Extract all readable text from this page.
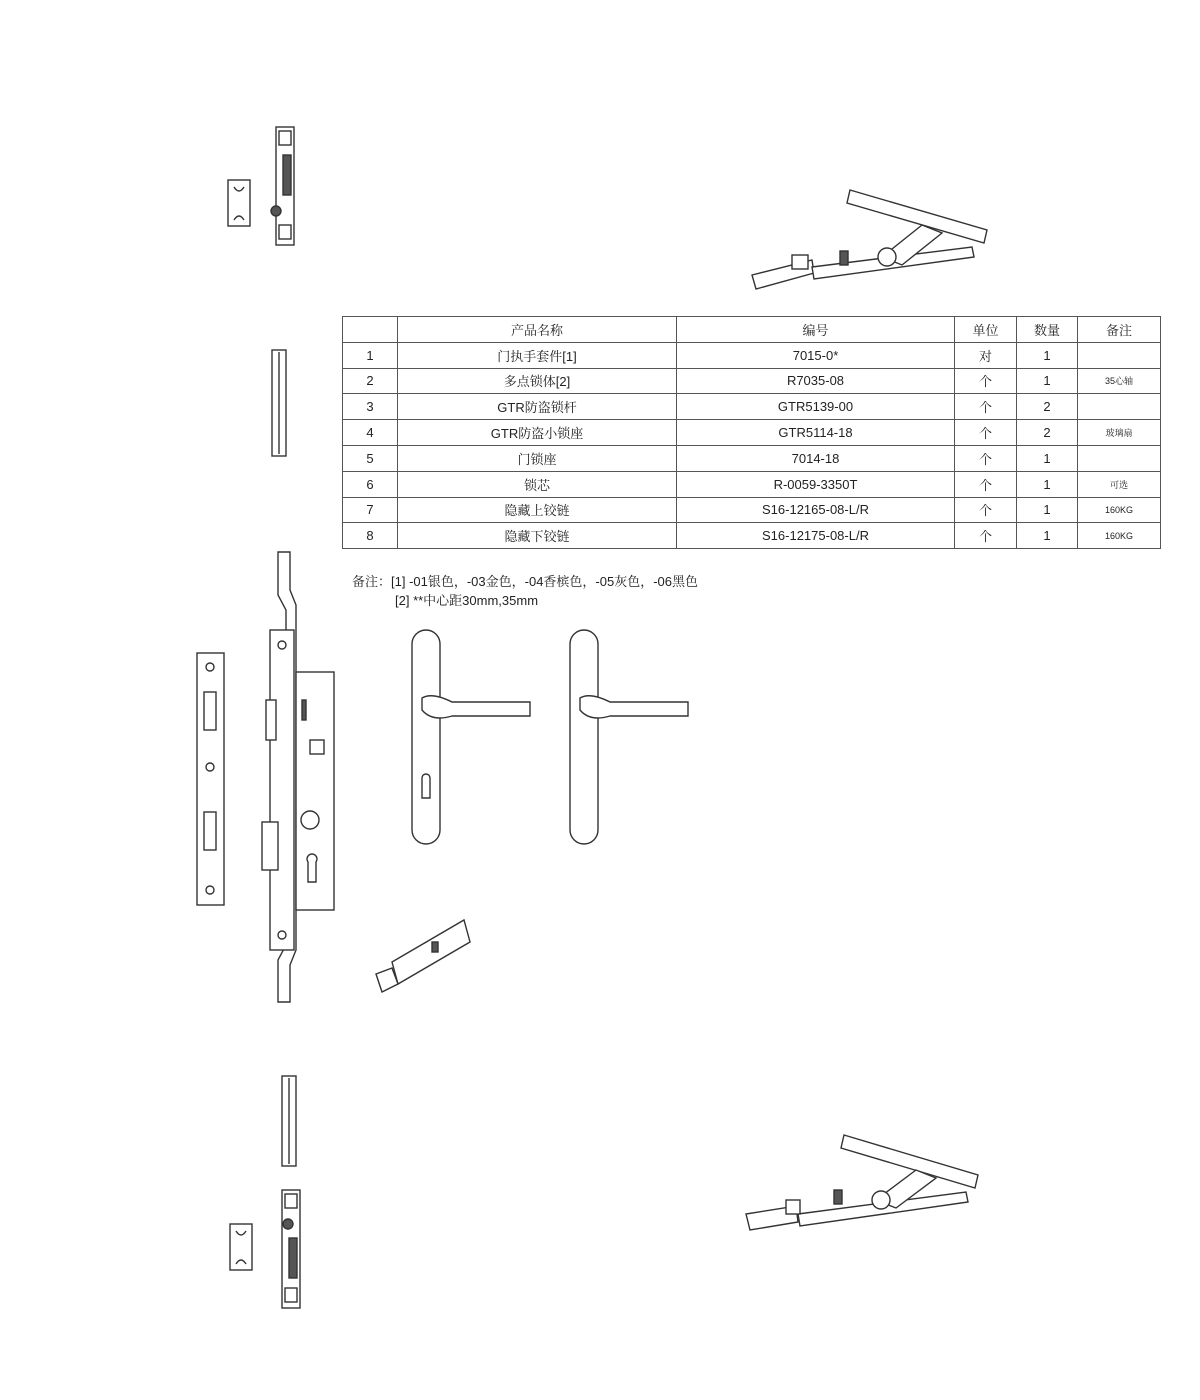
	产品名称	编号	单位	数量	备注
1	门执手套件[1]	7015-0*	对	1	
2	多点锁体[2]	R7035-08	个	1	35心轴
3	GTR防盗锁杆	GTR5139-00	个	2	
4	GTR防盗小锁座	GTR5114-18	个	2	玻璃扇
5	门锁座	7014-18	个	1	
6	锁芯	R-0059-3350T	个	1	可选
7	隐藏上铰链	S16-12165-08-L/R	个	1	160KG
8	隐藏下铰链	S16-12175-08-L/R	个	1	160KG
备注：[1] -01银色，-03金色，-04香槟色，-05灰色，-06黑色
[2] **中心距30mm,35mm
